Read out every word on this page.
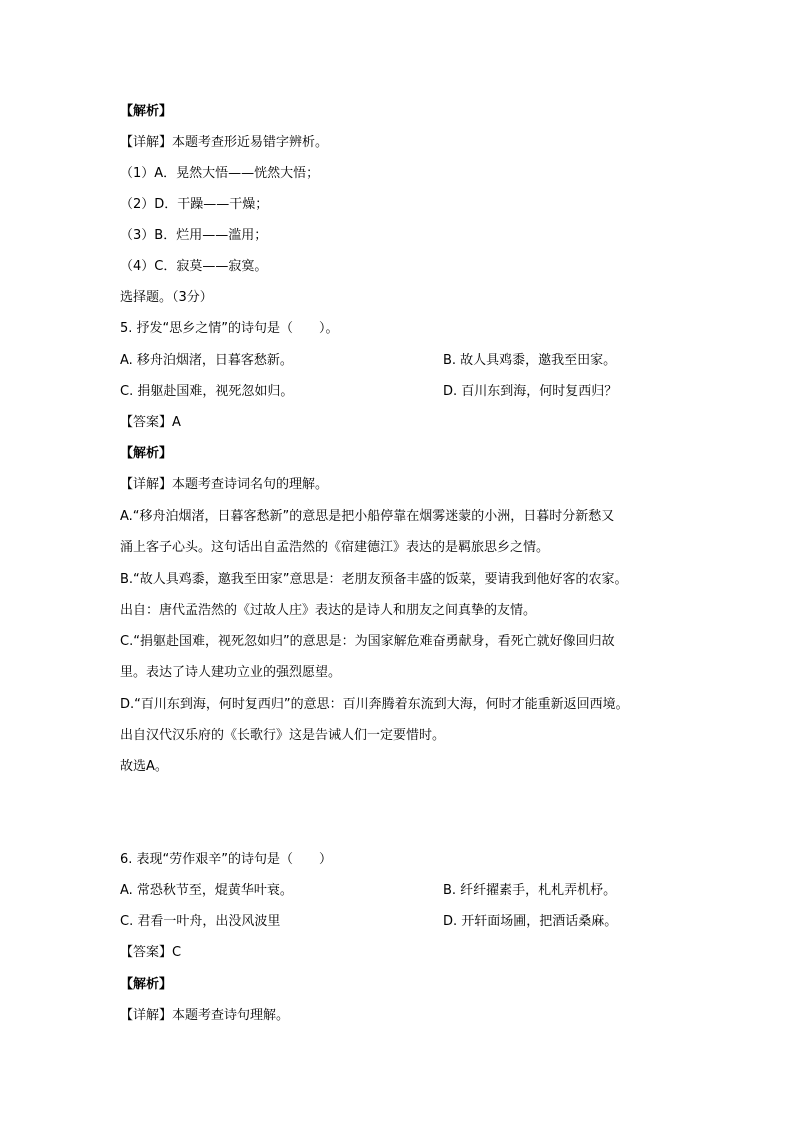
【解析】
【详解】本题考查形近易错字辨析。
（1）A．晃然大悟——恍然大悟；
（2）D．干躁——干燥；
（3）B．烂用——滥用；
（4）C．寂莫——寂寞。
选择题。（3分）
5. 抒发“思乡之情”的诗句是（　　）。
A. 移舟泊烟渚，日暮客愁新。	B. 故人具鸡黍，邀我至田家。
C. 捐躯赴国难，视死忽如归。	D. 百川东到海，何时复西归？
【答案】A
【解析】
【详解】本题考查诗词名句的理解。
A.“移舟泊烟渚，日暮客愁新”的意思是把小船停靠在烟雾迷蒙的小洲，日暮时分新愁又
涌上客子心头。这句话出自孟浩然的《宿建德江》表达的是羁旅思乡之情。
B.“故人具鸡黍，邀我至田家”意思是：老朋友预备丰盛的饭菜，要请我到他好客的农家。
出自：唐代孟浩然的《过故人庄》表达的是诗人和朋友之间真挚的友情。
C.“捐躯赴国难，视死忽如归”的意思是：为国家解危难奋勇献身，看死亡就好像回归故
里。表达了诗人建功立业的强烈愿望。
D.“百川东到海，何时复西归”的意思：百川奔腾着东流到大海，何时才能重新返回西境。
出自汉代汉乐府的《长歌行》这是告诫人们一定要惜时。
故选A。
6. 表现“劳作艰辛”的诗句是（　　）
A. 常恐秋节至，焜黄华叶衰。	B. 纤纤擢素手，札札弄机杼。
C. 君看一叶舟，出没风波里	D. 开轩面场圃，把酒话桑麻。
【答案】C
【解析】
【详解】本题考查诗句理解。
